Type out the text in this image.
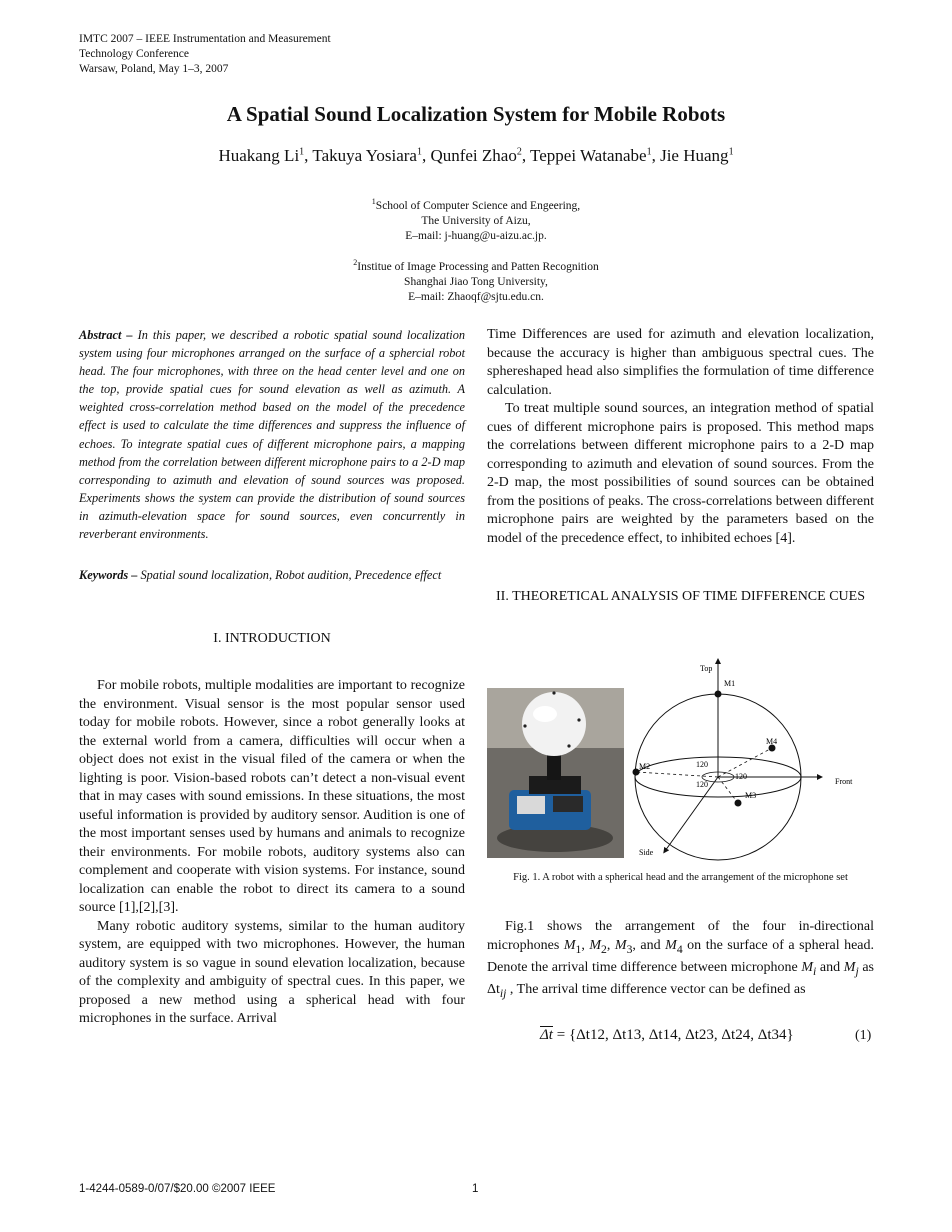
IMTC 2007 – IEEE Instrumentation and Measurement
Technology Conference
Warsaw, Poland, May 1–3, 2007
A Spatial Sound Localization System for Mobile Robots
Huakang Li$^1$, Takuya Yosiara$^1$, Qunfei Zhao$^2$, Teppei Watanabe$^1$, Jie Huang$^1$
$^1$School of Computer Science and Engeering,
The University of Aizu,
E–mail: j-huang@u-aizu.ac.jp.
$^2$Institue of Image Processing and Patten Recognition
Shanghai Jiao Tong University,
E–mail: Zhaoqf@sjtu.edu.cn.
Abstract – In this paper, we described a robotic spatial sound localization system using four microphones arranged on the surface of a sphercial robot head. The four microphones, with three on the head center level and one on the top, provide spatial cues for sound elevation as well as azimuth. A weighted cross-correlation method based on the model of the precedence effect is used to calculate the time differences and suppress the influence of echoes. To integrate spatial cues of different microphone pairs, a mapping method from the correlation between different microphone pairs to a 2-D map corresponding to azimuth and elevation of sound sources was proposed. Experiments shows the system can provide the distribution of sound sources in azimuth-elevation space for sound sources, even concurrently in reverberant environments.
Keywords – Spatial sound localization, Robot audition, Precedence effect
I. INTRODUCTION

For mobile robots, multiple modalities are important to recognize the environment. Visual sensor is the most popular sensor used today for mobile robots. However, since a robot generally looks at the external world from a camera, difficulties will occur when a object does not exist in the visual filed of the camera or when the lighting is poor. Vision-based robots can’t detect a non-visual event that in may cases with sound emissions. In these situations, the most useful information is provided by auditory sensor. Audition is one of the most important senses used by humans and animals to recognize their environments. For mobile robots, auditory systems also can complement and cooperate with vision systems. For instance, sound localization can enable the robot to direct its camera to a sound source [1],[2],[3].

Many robotic auditory systems, similar to the human auditory system, are equipped with two microphones. However, the human auditory system is so vague in sound elevation localization, because of the complexity and ambiguity of spectral cues. In this paper, we proposed a new method using a spherical head with four microphones in the surface. Arrival

Time Differences are used for azimuth and elevation localization, because the accuracy is higher than ambiguous spectral cues. The sphereshaped head also simplifies the formulation of time difference calculation.

To treat multiple sound sources, an integration method of spatial cues of different microphone pairs is proposed. This method maps the correlations between different microphone pairs to a 2-D map corresponding to azimuth and elevation of sound sources. From the 2-D map, the most possibilities of sound sources can be obtained from the positions of peaks. The cross-correlations between different microphone pairs are weighted by the parameters based on the model of the precedence effect, to inhibited echoes [4].

II. THEORETICAL ANALYSIS OF TIME DIFFERENCE CUES
Top
M1
M2
M3
M4
Front
Side
120
120
120
Fig. 1. A robot with a spherical head and the arrangement of the microphone set

Fig.1 shows the arrangement of the four in-directional microphones $M_1$, $M_2$, $M_3$, and $M_4$ on the surface of a spheral head. Denote the arrival time difference between microphone $M_i$ and $M_j$ as $\Delta t_{ij}$ , The arrival time difference vector can be defined as

$\overline{\Delta t} = \{\Delta t12$, Δt13, Δt14, Δt23, Δt24, Δt34}	(1)
1-4244-0589-0/07/$20.00 ©2007 IEEE	1
